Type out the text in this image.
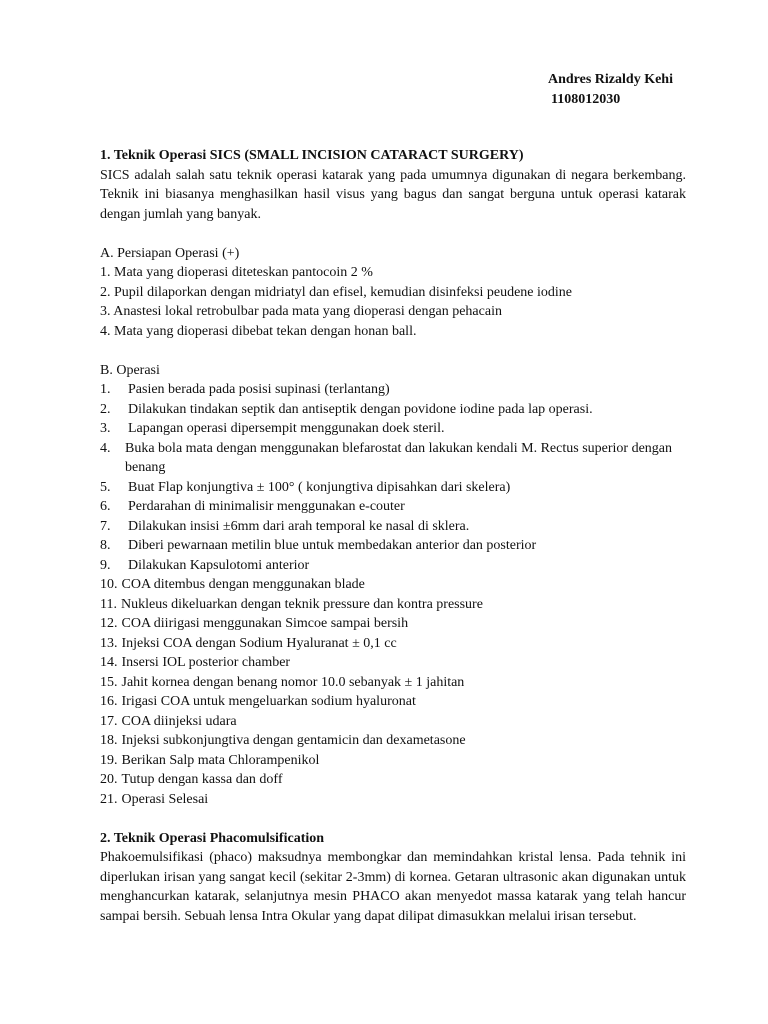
Andres Rizaldy Kehi
1108012030

1. Teknik Operasi SICS (SMALL INCISION CATARACT SURGERY)

SICS adalah salah satu teknik operasi katarak yang pada umumnya digunakan di negara berkembang. Teknik ini biasanya menghasilkan hasil visus yang bagus dan sangat berguna untuk operasi katarak dengan jumlah yang banyak.

A. Persiapan Operasi (+)

1. Mata yang dioperasi diteteskan pantocoin 2 %

2. Pupil dilaporkan dengan midriatyl dan efisel, kemudian disinfeksi peudene iodine

3. Anastesi lokal retrobulbar pada mata yang dioperasi dengan pehacain

4. Mata yang dioperasi dibebat tekan dengan honan ball.

B. Operasi

1.	Pasien berada pada posisi supinasi (terlantang)
2.	Dilakukan tindakan septik dan antiseptik dengan povidone iodine pada lap operasi.
3.	Lapangan operasi dipersempit menggunakan doek steril.
4.	Buka bola mata dengan menggunakan blefarostat dan lakukan kendali M. Rectus superior dengan benang
5.	Buat Flap konjungtiva ± 100° ( konjungtiva dipisahkan dari skelera)
6.	Perdarahan di minimalisir menggunakan e-couter
7.	Dilakukan insisi ±6mm dari arah temporal ke nasal di sklera.
8.	Diberi pewarnaan metilin blue untuk membedakan anterior dan posterior
9.	Dilakukan Kapsulotomi anterior
10. COA ditembus dengan menggunakan blade
11. Nukleus dikeluarkan dengan teknik pressure dan kontra pressure
12. COA diirigasi menggunakan Simcoe sampai bersih
13. Injeksi COA dengan Sodium Hyaluranat ± 0,1 cc
14. Insersi IOL posterior chamber
15. Jahit kornea dengan benang nomor 10.0 sebanyak ± 1 jahitan
16. Irigasi COA untuk mengeluarkan sodium hyaluronat
17. COA diinjeksi udara
18. Injeksi subkonjungtiva dengan gentamicin dan dexametasone
19. Berikan Salp mata Chlorampenikol
20. Tutup dengan kassa dan doff
21. Operasi Selesai

2. Teknik Operasi Phacomulsification

Phakoemulsifikasi (phaco) maksudnya membongkar dan memindahkan kristal lensa. Pada tehnik ini diperlukan irisan yang sangat kecil (sekitar 2-3mm) di kornea. Getaran ultrasonic akan digunakan untuk menghancurkan katarak, selanjutnya mesin PHACO akan menyedot massa katarak yang telah hancur sampai bersih. Sebuah lensa Intra Okular yang dapat dilipat dimasukkan melalui irisan tersebut.
